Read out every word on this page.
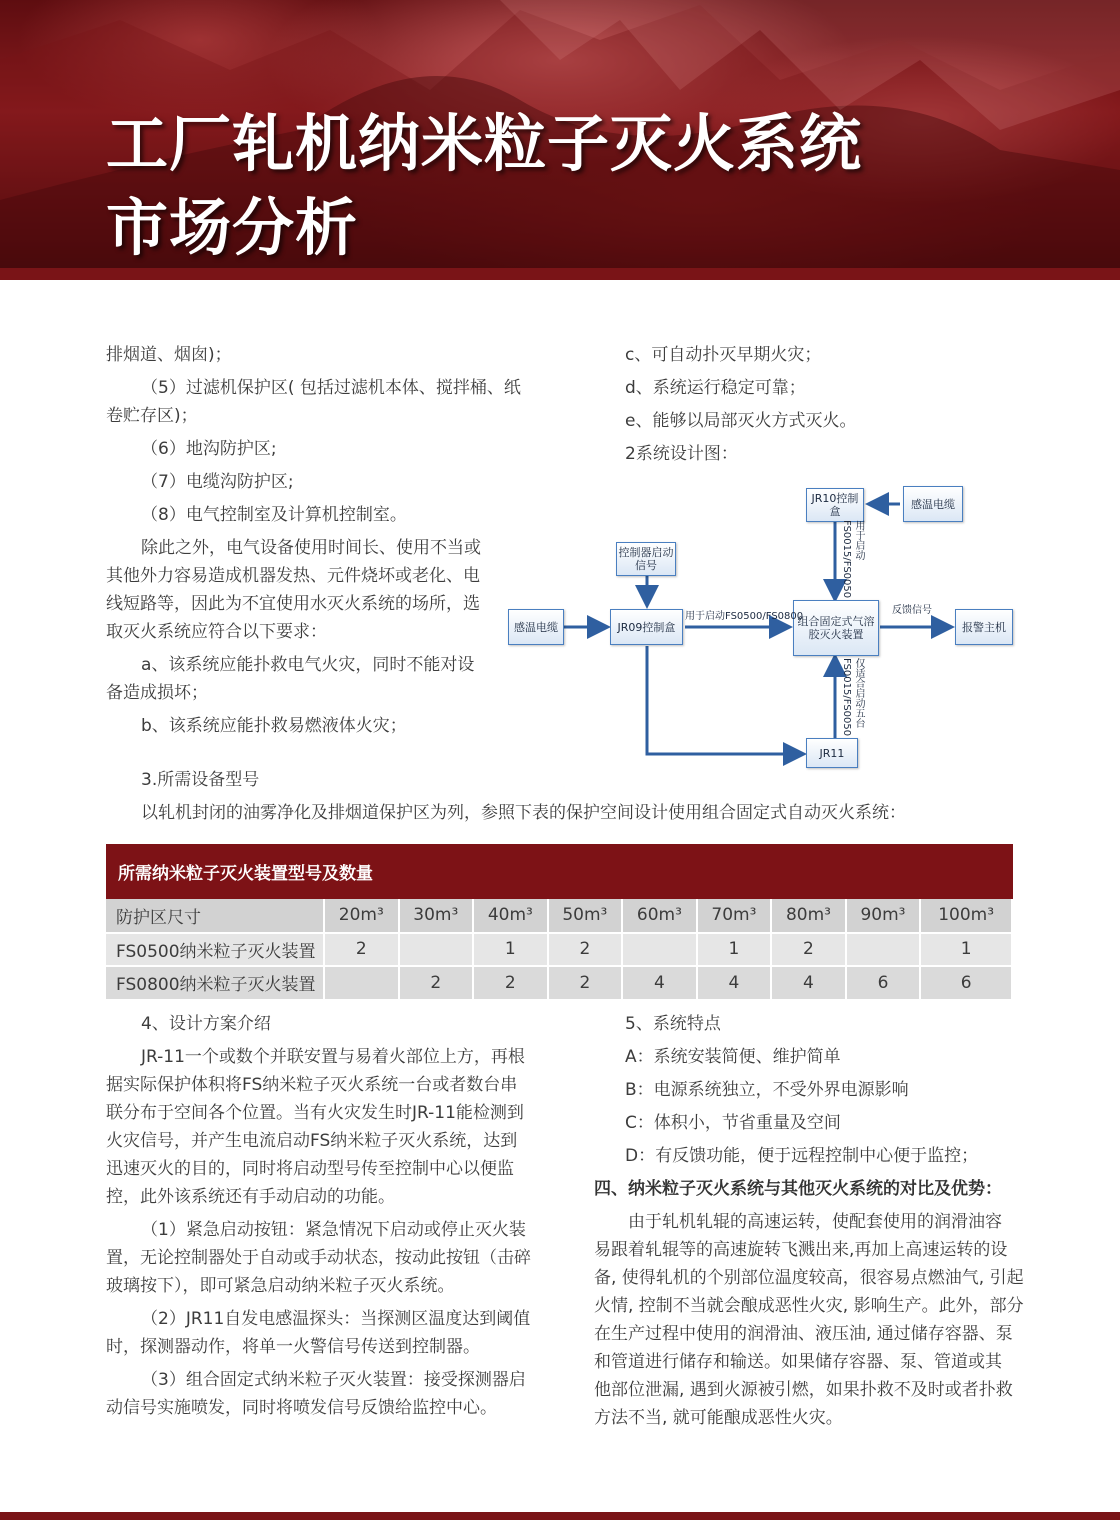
工厂轧机纳米粒子灭火系统
市场分析
排烟道、烟囱)；
（5）过滤机保护区( 包括过滤机本体、搅拌桶、纸
卷贮存区)；
（6）地沟防护区;
（7）电缆沟防护区;
（8）电气控制室及计算机控制室。
除此之外，电气设备使用时间长、使用不当或
其他外力容易造成机器发热、元件烧坏或老化、电
线短路等，因此为不宜使用水灭火系统的场所，选
取灭火系统应符合以下要求：
a、该系统应能扑救电气火灾，同时不能对设
备造成损坏；
b、该系统应能扑救易燃液体火灾；
c、可自动扑灭早期火灾；
d、系统运行稳定可靠；
e、能够以局部灭火方式灭火。
2系统设计图：
JR10控制盒
感温电缆
控制器启动信号
感温电缆	JR09控制盒	组合固定式气溶胶灭火装置
报警主机
JR11
用于启动FS0500/FS0800
反馈信号
用于启动FS0015/FS0050
仅适合启动五台FS0015/FS0050
3.所需设备型号
以轧机封闭的油雾净化及排烟道保护区为列，参照下表的保护空间设计使用组合固定式自动灭火系统：
所需纳米粒子灭火装置型号及数量
防护区尺寸	20m³	30m³	40m³	50m³	60m³	70m³	80m³	90m³	100m³
FS0500纳米粒子灭火装置	2		1	2		1	2		1
FS0800纳米粒子灭火装置		2	2	2	4	4	4	6	6
4、设计方案介绍
JR-11一个或数个并联安置与易着火部位上方，再根
据实际保护体积将FS纳米粒子灭火系统一台或者数台串
联分布于空间各个位置。当有火灾发生时JR-11能检测到
火灾信号，并产生电流启动FS纳米粒子灭火系统，达到
迅速灭火的目的，同时将启动型号传至控制中心以便监
控，此外该系统还有手动启动的功能。
（1）紧急启动按钮：紧急情况下启动或停止灭火装
置，无论控制器处于自动或手动状态，按动此按钮（击碎
玻璃按下），即可紧急启动纳米粒子灭火系统。
（2）JR11自发电感温探头：当探测区温度达到阈值
时，探测器动作，将单一火警信号传送到控制器。
（3）组合固定式纳米粒子灭火装置：接受探测器启
动信号实施喷发，同时将喷发信号反馈给监控中心。
5、系统特点
A：系统安装简便、维护简单
B：电源系统独立，不受外界电源影响
C：体积小，节省重量及空间
D：有反馈功能，便于远程控制中心便于监控；
四、纳米粒子灭火系统与其他灭火系统的对比及优势：
由于轧机轧辊的高速运转，使配套使用的润滑油容
易跟着轧辊等的高速旋转飞溅出来,再加上高速运转的设
备, 使得轧机的个别部位温度较高，很容易点燃油气, 引起
火情, 控制不当就会酿成恶性火灾, 影响生产。此外，部分
在生产过程中使用的润滑油、液压油, 通过储存容器、泵
和管道进行储存和输送。如果储存容器、泵、管道或其
他部位泄漏, 遇到火源被引燃，如果扑救不及时或者扑救
方法不当, 就可能酿成恶性火灾。
